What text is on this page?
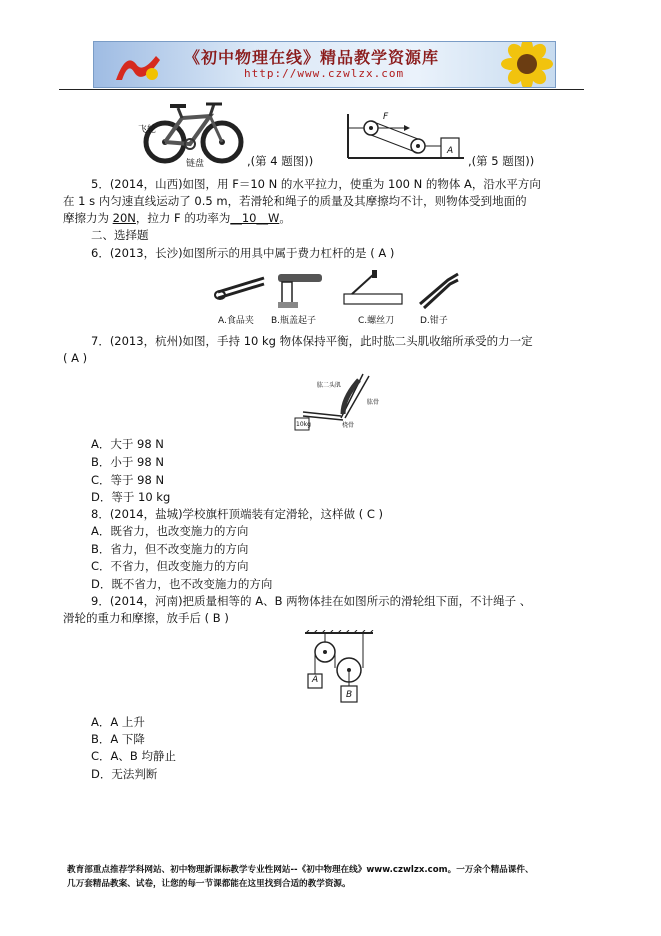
《初中物理在线》精品教学资源库
http://www.czwlzx.com
飞轮
链盘	,(第 4 题图))
F
A
,(第 5 题图))
5．(2014，山西)如图，用 F＝10 N 的水平拉力，使重为 100 N 的物体 A，沿水平方向
在 1 s 内匀速直线运动了 0.5 m，若滑轮和绳子的质量及其摩擦均不计，则物体受到地面的
摩擦力为 20N，拉力 F 的功率为__10__W。
二、选择题
6．(2013，长沙)如图所示的用具中属于费力杠杆的是 ( A )
A.食品夹 B.瓶盖起子	C.螺丝刀	D.钳子
7．(2013，杭州)如图，手持 10 kg 物体保持平衡，此时肱二头肌收缩所承受的力一定
( A )
肱二头肌
肱骨
桡骨
10kg
A．大于 98 N
B．小于 98 N
C．等于 98 N
D．等于 10 kg
8．(2014，盐城)学校旗杆顶端装有定滑轮，这样做 ( C )
A．既省力，也改变施力的方向
B．省力，但不改变施力的方向
C．不省力，但改变施力的方向
D．既不省力，也不改变施力的方向
9．(2014，河南)把质量相等的 A、B 两物体挂在如图所示的滑轮组下面，不计绳子 、
滑轮的重力和摩擦，放手后 ( B )
A
B
A．A 上升
B．A 下降
C．A、B 均静止
D．无法判断
教育部重点推荐学科网站、初中物理新课标教学专业性网站--《初中物理在线》www.czwlzx.com。一万余个精品课件、
几万套精品教案、试卷，让您的每一节课都能在这里找到合适的教学资源。
